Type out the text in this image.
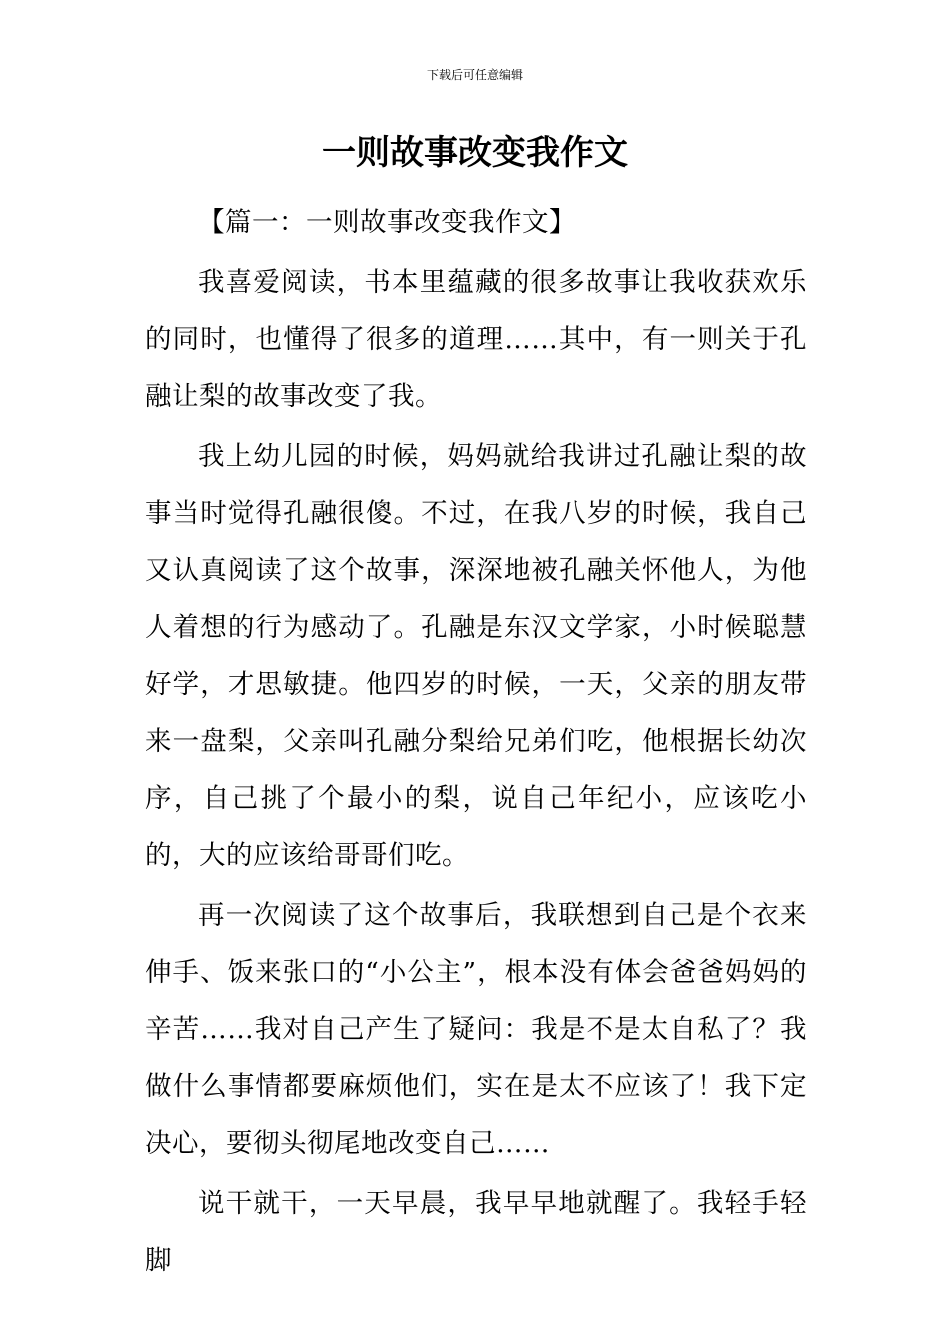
下载后可任意编辑
一则故事改变我作文

【篇一：一则故事改变我作文】

我喜爱阅读，书本里蕴藏的很多故事让我收获欢乐的同时，也懂得了很多的道理……其中，有一则关于孔融让梨的故事改变了我。

我上幼儿园的时候，妈妈就给我讲过孔融让梨的故事当时觉得孔融很傻。不过，在我八岁的时候，我自己又认真阅读了这个故事，深深地被孔融关怀他人，为他人着想的行为感动了。孔融是东汉文学家，小时候聪慧好学，才思敏捷。他四岁的时候，一天，父亲的朋友带来一盘梨，父亲叫孔融分梨给兄弟们吃，他根据长幼次序，自己挑了个最小的梨，说自己年纪小，应该吃小的，大的应该给哥哥们吃。

再一次阅读了这个故事后，我联想到自己是个衣来伸手、饭来张口的“小公主”，根本没有体会爸爸妈妈的辛苦……我对自己产生了疑问：我是不是太自私了？我做什么事情都要麻烦他们，实在是太不应该了！我下定决心，要彻头彻尾地改变自己……

说干就干，一天早晨，我早早地就醒了。我轻手轻脚
